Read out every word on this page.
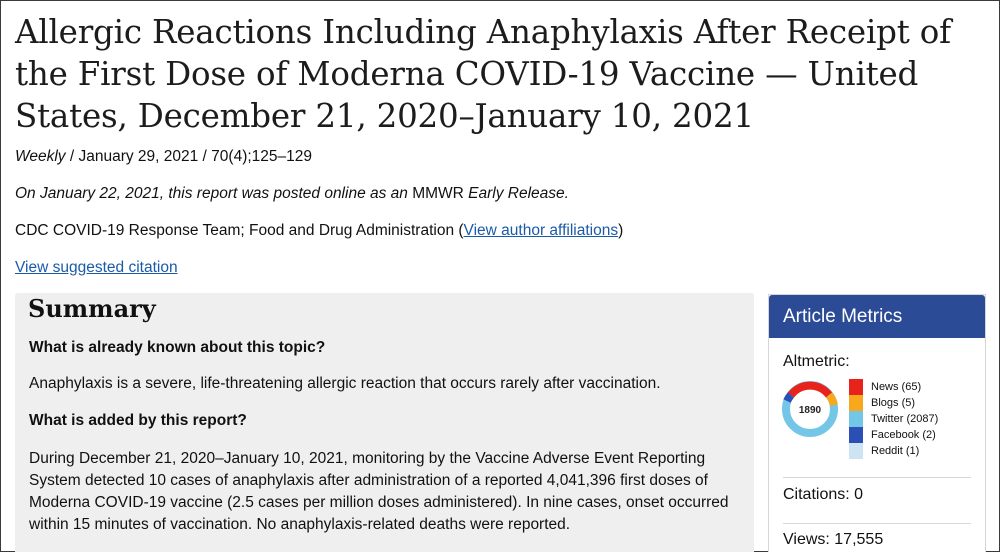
Allergic Reactions Including Anaphylaxis After Receipt of the First Dose of Moderna COVID-19 Vaccine — United States, December 21, 2020–January 10, 2021
Weekly / January 29, 2021 / 70(4);125–129
On January 22, 2021, this report was posted online as an MMWR Early Release.
CDC COVID-19 Response Team; Food and Drug Administration (View author affiliations)
View suggested citation
Summary

What is already known about this topic?

Anaphylaxis is a severe, life-threatening allergic reaction that occurs rarely after vaccination.

What is added by this report?

During December 21, 2020–January 10, 2021, monitoring by the Vaccine Adverse Event Reporting System detected 10 cases of anaphylaxis after administration of a reported 4,041,396 first doses of Moderna COVID-19 vaccine (2.5 cases per million doses administered). In nine cases, onset occurred within 15 minutes of vaccination. No anaphylaxis-related deaths were reported.

Article Metrics
Altmetric:
1890
News (65)
Blogs (5)
Twitter (2087)
Facebook (2)
Reddit (1)
Citations: 0
Views: 17,555
